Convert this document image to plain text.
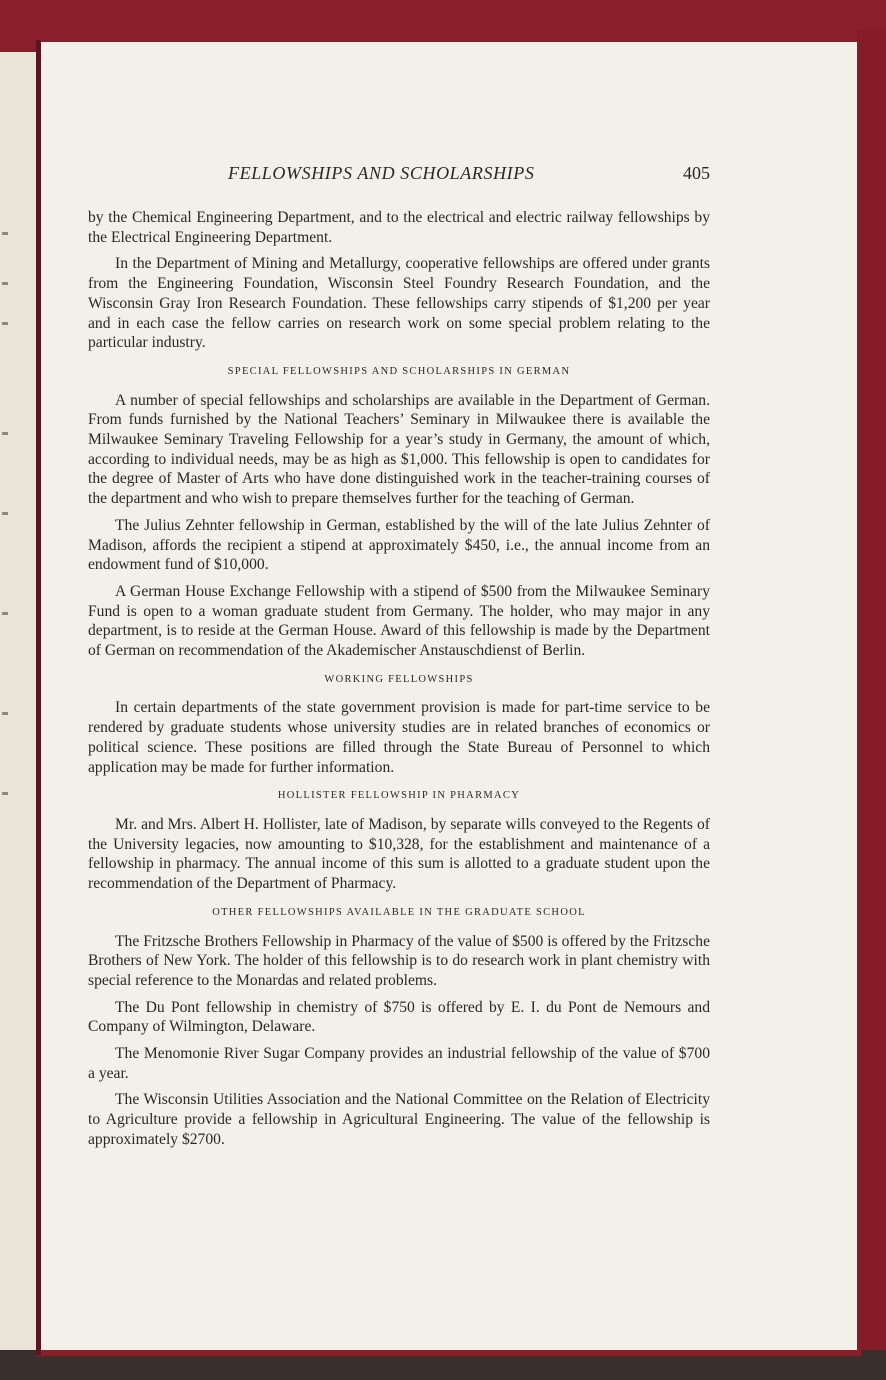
FELLOWSHIPS AND SCHOLARSHIPS	405

by the Chemical Engineering Department, and to the electrical and electric railway fellowships by the Electrical Engineering Department.

In the Department of Mining and Metallurgy, cooperative fellowships are offered under grants from the Engineering Foundation, Wisconsin Steel Foundry Research Foundation, and the Wisconsin Gray Iron Research Foundation. These fellowships carry stipends of $1,200 per year and in each case the fellow carries on research work on some special problem relating to the particular industry.

SPECIAL FELLOWSHIPS AND SCHOLARSHIPS IN GERMAN

A number of special fellowships and scholarships are available in the Department of German. From funds furnished by the National Teachers’ Seminary in Milwaukee there is available the Milwaukee Seminary Traveling Fellowship for a year’s study in Germany, the amount of which, according to individual needs, may be as high as $1,000. This fellowship is open to candidates for the degree of Master of Arts who have done distinguished work in the teacher-training courses of the department and who wish to prepare themselves further for the teaching of German.

The Julius Zehnter fellowship in German, established by the will of the late Julius Zehnter of Madison, affords the recipient a stipend at approximately $450, i.e., the annual income from an endowment fund of $10,000.

A German House Exchange Fellowship with a stipend of $500 from the Milwaukee Seminary Fund is open to a woman graduate student from Germany. The holder, who may major in any department, is to reside at the German House. Award of this fellowship is made by the Department of German on recommendation of the Akademischer Anstauschdienst of Berlin.

WORKING FELLOWSHIPS

In certain departments of the state government provision is made for part-time service to be rendered by graduate students whose university studies are in related branches of economics or political science. These positions are filled through the State Bureau of Personnel to which application may be made for further information.

HOLLISTER FELLOWSHIP IN PHARMACY

Mr. and Mrs. Albert H. Hollister, late of Madison, by separate wills conveyed to the Regents of the University legacies, now amounting to $10,328, for the establishment and maintenance of a fellowship in pharmacy. The annual income of this sum is allotted to a graduate student upon the recommendation of the Department of Pharmacy.

OTHER FELLOWSHIPS AVAILABLE IN THE GRADUATE SCHOOL

The Fritzsche Brothers Fellowship in Pharmacy of the value of $500 is offered by the Fritzsche Brothers of New York. The holder of this fellowship is to do research work in plant chemistry with special reference to the Monardas and related problems.

The Du Pont fellowship in chemistry of $750 is offered by E. I. du Pont de Nemours and Company of Wilmington, Delaware.

The Menomonie River Sugar Company provides an industrial fellowship of the value of $700 a year.

The Wisconsin Utilities Association and the National Committee on the Relation of Electricity to Agriculture provide a fellowship in Agricultural Engineering. The value of the fellowship is approximately $2700.
